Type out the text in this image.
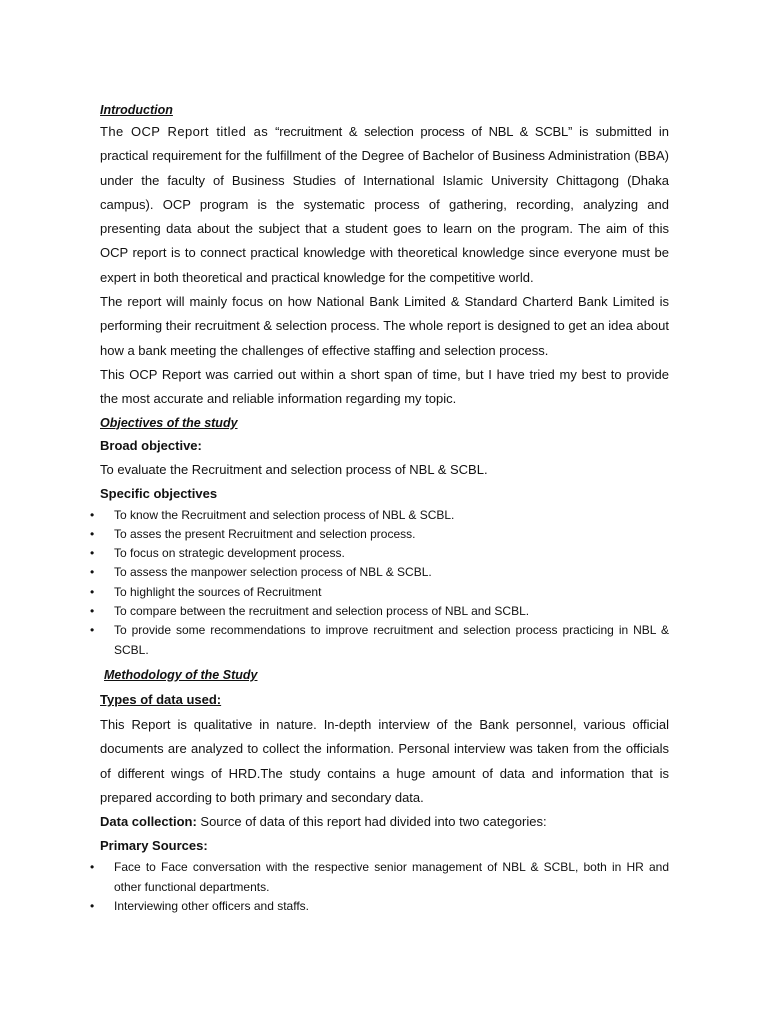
Introduction

The OCP Report titled as “recruitment & selection process of NBL & SCBL” is submitted in practical requirement for the fulfillment of the Degree of Bachelor of Business Administration (BBA) under the faculty of Business Studies of International Islamic University Chittagong (Dhaka campus). OCP program is the systematic process of gathering, recording, analyzing and presenting data about the subject that a student goes to learn on the program. The aim of this OCP report is to connect practical knowledge with theoretical knowledge since everyone must be expert in both theoretical and practical knowledge for the competitive world.

The report will mainly focus on how National Bank Limited & Standard Charterd Bank Limited is performing their recruitment & selection process. The whole report is designed to get an idea about how a bank meeting the challenges of effective staffing and selection process.

This OCP Report was carried out within a short span of time, but I have tried my best to provide the most accurate and reliable information regarding my topic.

Objectives of the study

Broad objective:

To evaluate the Recruitment and selection process of NBL & SCBL.

Specific objectives

• To know the Recruitment and selection process of NBL & SCBL.
• To asses the present Recruitment and selection process.
• To focus on strategic development process.
• To assess the manpower selection process of NBL & SCBL.
• To highlight the sources of Recruitment
• To compare between the recruitment and selection process of NBL and SCBL.
• To provide some recommendations to improve recruitment and selection process practicing in NBL & SCBL.

Methodology of the Study

Types of data used:

This Report is qualitative in nature. In-depth interview of the Bank personnel, various official documents are analyzed to collect the information. Personal interview was taken from the officials of different wings of HRD.The study contains a huge amount of data and information that is prepared according to both primary and secondary data.

Data collection: Source of data of this report had divided into two categories:

Primary Sources:

• Face to Face conversation with the respective senior management of NBL & SCBL, both in HR and other functional departments.
• Interviewing other officers and staffs.
